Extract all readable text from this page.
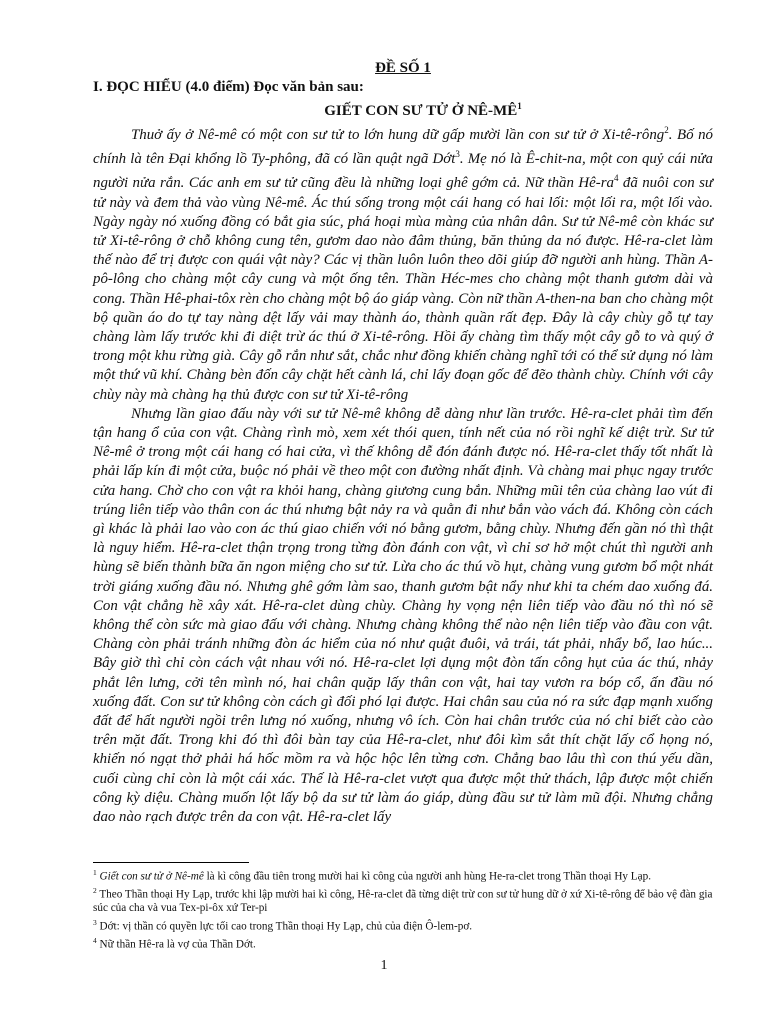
ĐỀ SỐ 1

I. ĐỌC HIỂU (4.0 điểm) Đọc văn bản sau:

GIẾT CON SƯ TỬ Ở $NÊ-MÊ^1$

Thuở ấy ở Nê-mê có một con sư tử to lớn hung dữ gấp mười lần con sư tử ở Xi-tê-rông$^2$. Bố nó chính là tên Đại khổng lồ Ty-phông, đã có lần quật ngã Dớt$^3$. Mẹ nó là Ê-chit-na, một con quỷ cái nửa người nửa rắn. Các anh em sư tử cũng đều là những loại ghê gớm cả. Nữ thần $Hê-ra^4$ đã nuôi con sư tử này và đem thả vào vùng Nê-mê. Ác thú sống trong một cái hang có hai lối: một lối ra, một lối vào. Ngày ngày nó xuống đồng có bắt gia súc, phá hoại mùa màng của nhân dân. Sư tử Nê-mê còn khác sư tử Xi-tê-rông ở chỗ không cung tên, gươm dao nào đâm thủng, băn thủng da nó được. Hê-ra-clet làm thế nào để trị được con quái vật này? Các vị thần luôn luôn theo dõi giúp đỡ người anh hùng. Thần A-pô-lông cho chàng một cây cung và một ống tên. Thần Héc-mes cho chàng một thanh gươm dài và cong. Thần Hê-phai-tôx rèn cho chàng một bộ áo giáp vàng. Còn nữ thần A-then-na ban cho chàng một bộ quần áo do tự tay nàng dệt lấy vải may thành áo, thành quần rất đẹp. Đây là cây chùy gỗ tự tay chàng làm lấy trước khi đi diệt trừ ác thú ở Xi-tê-rông. Hồi ấy chàng tìm thấy một cây gỗ to và quý ở trong một khu rừng già. Cây gỗ rắn như sắt, chắc như đồng khiến chàng nghĩ tới có thể sử dụng nó làm một thứ vũ khí. Chàng bèn đốn cây chặt hết cành lá, chỉ lấy đoạn gốc để đẽo thành chùy. Chính với cây chùy này mà chàng hạ thủ được con sư tử Xi-tê-rông

Nhưng lần giao đấu này với sư tử Nê-mê không dễ dàng như lần trước. Hê-ra-clet phải tìm đến tận hang ổ của con vật. Chàng rình mò, xem xét thói quen, tính nết của nó rồi nghĩ kế diệt trừ. Sư tử Nê-mê ở trong một cái hang có hai cửa, vì thế không dễ đón đánh được nó. Hê-ra-clet thấy tốt nhất là phải lấp kín đi một cửa, buộc nó phải về theo một con đường nhất định. Và chàng mai phục ngay trước cửa hang. Chờ cho con vật ra khỏi hang, chàng giương cung bắn. Những mũi tên của chàng lao vút đi trúng liên tiếp vào thân con ác thú nhưng bật nảy ra và quằn đi như bắn vào vách đá. Không còn cách gì khác là phải lao vào con ác thú giao chiến với nó bằng gươm, bằng chùy. Nhưng đến gần nó thì thật là nguy hiểm. Hê-ra-clet thận trọng trong từng đòn đánh con vật, vì chỉ sơ hở một chút thì người anh hùng sẽ biến thành bữa ăn ngon miệng cho sư tử. Lừa cho ác thú vồ hụt, chàng vung gươm bổ một nhát trời giáng xuống đầu nó. Nhưng ghê gớm làm sao, thanh gươm bật nẩy như khi ta chém dao xuống đá. Con vật chẳng hề xây xát. Hê-ra-clet dùng chùy. Chàng hy vọng nện liên tiếp vào đầu nó thì nó sẽ không thể còn sức mà giao đấu với chàng. Nhưng chàng không thể nào nện liên tiếp vào đầu con vật. Chàng còn phải tránh những đòn ác hiểm của nó như quật đuôi, vả trái, tát phải, nhẩy bổ, lao húc... Bây giờ thì chỉ còn cách vật nhau với nó. Hê-ra-clet lợi dụng một đòn tấn công hụt của ác thú, nhảy phắt lên lưng, cởi tên mình nó, hai chân quặp lấy thân con vật, hai tay vươn ra bóp cổ, ấn đầu nó xuống đất. Con sư tử không còn cách gì đối phó lại được. Hai chân sau của nó ra sức đạp mạnh xuống đất để hất người ngồi trên lưng nó xuống, nhưng vô ích. Còn hai chân trước của nó chỉ biết cào cào trên mặt đất. Trong khi đó thì đôi bàn tay của Hê-ra-clet, như đôi kìm sắt thít chặt lấy cổ họng nó, khiến nó ngạt thở phải há hốc mồm ra và hộc hộc lên từng cơn. Chẳng bao lâu thì con thú yếu dần, cuối cùng chỉ còn là một cái xác. Thế là Hê-ra-clet vượt qua được một thử thách, lập được một chiến công kỳ diệu. Chàng muốn lột lấy bộ da sư tử làm áo giáp, dùng đầu sư tử làm mũ đội. Nhưng chẳng dao nào rạch được trên da con vật. Hê-ra-clet lấy

$^1$ Giết con sư tử ở Nê-mê là kì công đầu tiên trong mười hai kì công của người anh hùng He-ra-clet trong Thần thoại Hy Lạp.

$^2$ Theo Thần thoại Hy Lạp, trước khi lập mười hai kì công, Hê-ra-clet đã từng diệt trừ con sư tử hung dữ ở xứ Xi-tê-rông để bảo vệ đàn gia súc của cha và vua Tex-pi-ôx xứ Ter-pi

$^3$ Dớt: vị thần có quyền lực tối cao trong Thần thoại Hy Lạp, chủ của điện Ô-lem-pơ.

$^4$ Nữ thần Hê-ra là vợ của Thần Dớt.

1
